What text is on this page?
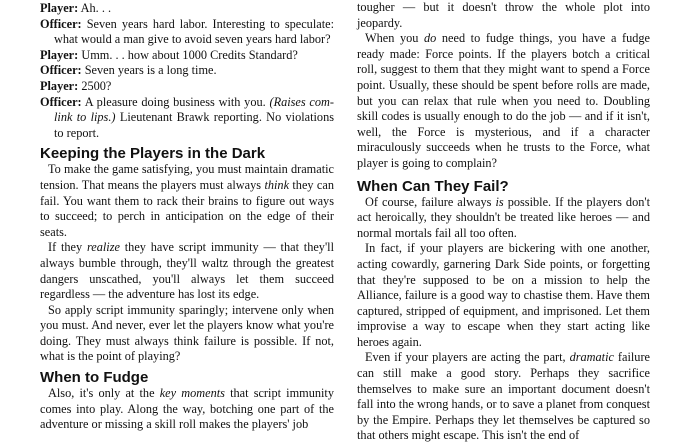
Player: Ah. . .

Officer: Seven years hard labor. Interesting to speculate: what would a man give to avoid seven years hard labor?

Player: Umm. . . how about 1000 Credits Standard?

Officer: Seven years is a long time.

Player: 2500?

Officer: A pleasure doing business with you. (Raises com-link to lips.) Lieutenant Brawk reporting. No violations to report.

Keeping the Players in the Dark

To make the game satisfying, you must maintain dramatic tension. That means the players must always think they can fail. You want them to rack their brains to figure out ways to succeed; to perch in anticipation on the edge of their seats.

If they realize they have script immunity — that they'll always bumble through, they'll waltz through the greatest dangers unscathed, you'll always let them succeed regardless — the adventure has lost its edge.

So apply script immunity sparingly; intervene only when you must. And never, ever let the players know what you're doing. They must always think failure is possible. If not, what is the point of playing?

When to Fudge

Also, it's only at the key moments that script immunity comes into play. Along the way, botching one part of the adventure or missing a skill roll makes the players' job

tougher — but it doesn't throw the whole plot into jeopardy.

When you do need to fudge things, you have a fudge ready made: Force points. If the players botch a critical roll, suggest to them that they might want to spend a Force point. Usually, these should be spent before rolls are made, but you can relax that rule when you need to. Doubling skill codes is usually enough to do the job — and if it isn't, well, the Force is mysterious, and if a character miraculously succeeds when he trusts to the Force, what player is going to complain?

When Can They Fail?

Of course, failure always is possible. If the players don't act heroically, they shouldn't be treated like heroes — and normal mortals fail all too often.

In fact, if your players are bickering with one another, acting cowardly, garnering Dark Side points, or forgetting that they're supposed to be on a mission to help the Alliance, failure is a good way to chastise them. Have them captured, stripped of equipment, and imprisoned. Let them improvise a way to escape when they start acting like heroes again.

Even if your players are acting the part, dramatic failure can still make a good story. Perhaps they sacrifice themselves to make sure an important document doesn't fall into the wrong hands, or to save a planet from conquest by the Empire. Perhaps they let themselves be captured so that others might escape. This isn't the end of
